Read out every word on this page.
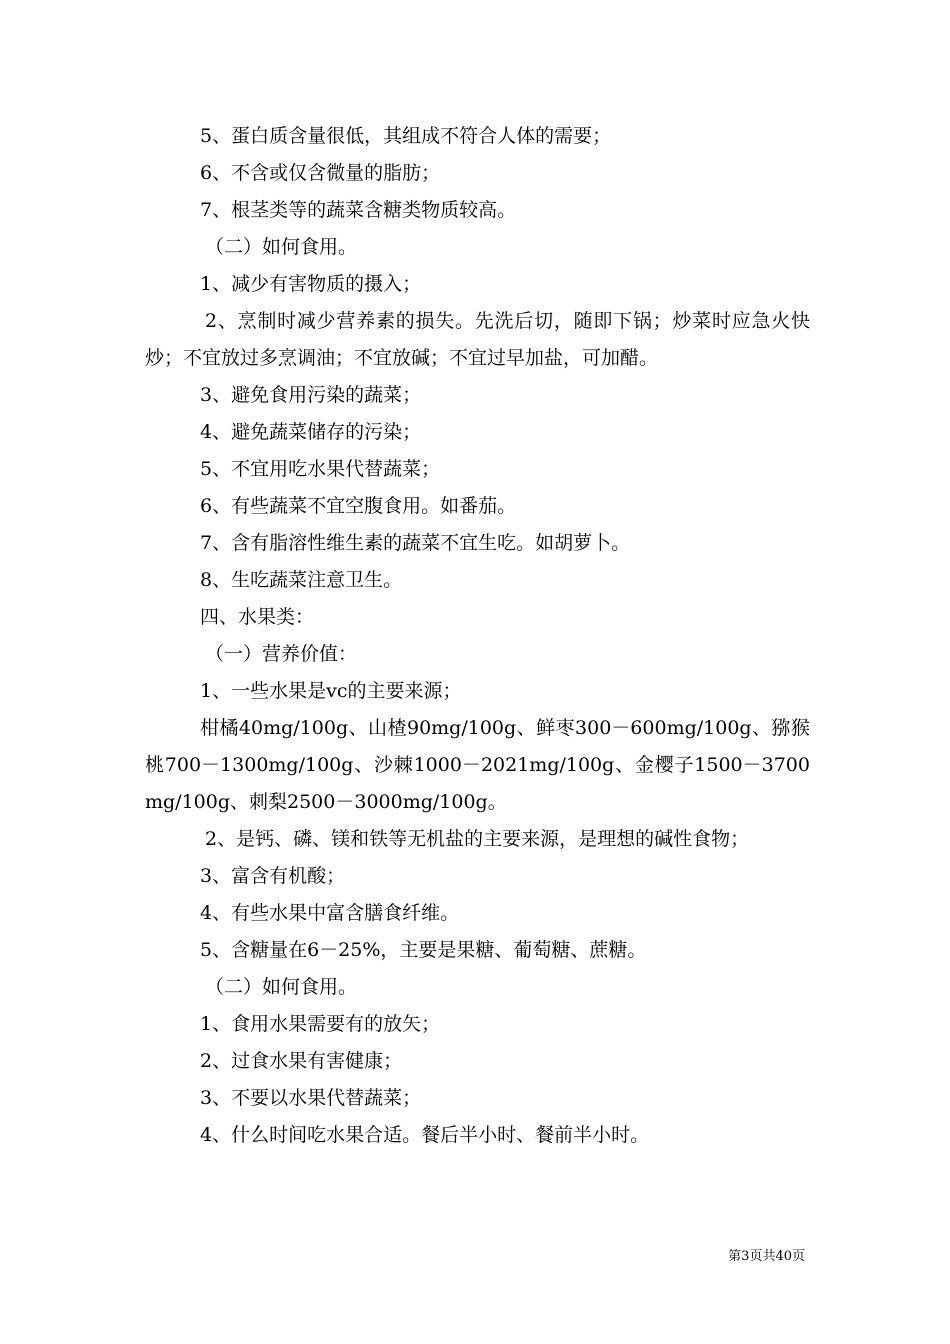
5、蛋白质含量很低，其组成不符合人体的需要；

6、不含或仅含微量的脂肪；

7、根茎类等的蔬菜含糖类物质较高。

（二）如何食用。

1、减少有害物质的摄入；

2、烹制时减少营养素的损失。先洗后切，随即下锅；炒菜时应急火快炒；不宜放过多烹调油；不宜放碱；不宜过早加盐，可加醋。

3、避免食用污染的蔬菜；

4、避免蔬菜储存的污染；

5、不宜用吃水果代替蔬菜；

6、有些蔬菜不宜空腹食用。如番茄。

7、含有脂溶性维生素的蔬菜不宜生吃。如胡萝卜。

8、生吃蔬菜注意卫生。

四、水果类：

（一）营养价值：

1、一些水果是vc的主要来源；

柑橘40mg/100g、山楂90mg/100g、鲜枣300－600mg/100g、猕猴桃700－1300mg/100g、沙棘1000－2021mg/100g、金樱子1500－3700mg/100g、刺梨2500－3000mg/100g。

2、是钙、磷、镁和铁等无机盐的主要来源，是理想的碱性食物；

3、富含有机酸；

4、有些水果中富含膳食纤维。

5、含糖量在6－25%，主要是果糖、葡萄糖、蔗糖。

（二）如何食用。

1、食用水果需要有的放矢；

2、过食水果有害健康；

3、不要以水果代替蔬菜；

4、什么时间吃水果合适。餐后半小时、餐前半小时。

第3页共40页
